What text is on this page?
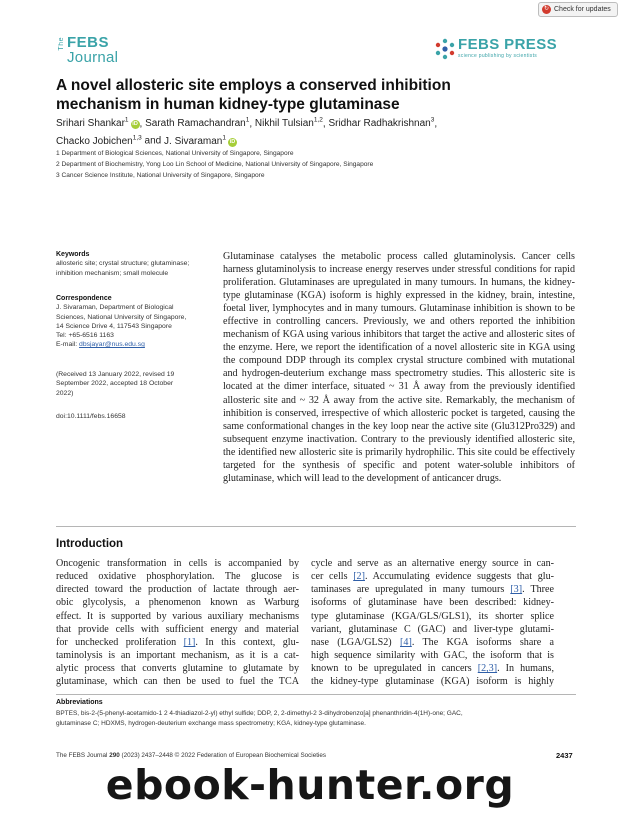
↻ Check for updates
The FEBS
Journal
FEBS PRESS
science publishing by scientists
A novel allosteric site employs a conserved inhibition
mechanism in human kidney-type glutaminase
Srihari Shankar$^1$iD , Sarath Ramachandran$^1$, Nikhil Tulsian$^{1,2}$, Sridhar Radhakrishnan$^3$,
Chacko Jobichen$^{1,3}$ and J. Sivaraman$^1$iD
1 Department of Biological Sciences, National University of Singapore, Singapore
2 Department of Biochemistry, Yong Loo Lin School of Medicine, National University of Singapore, Singapore
3 Cancer Science Institute, National University of Singapore, Singapore
Keywords
allosteric site; crystal structure; glutaminase;
inhibition mechanism; small molecule
Correspondence
J. Sivaraman, Department of Biological
Sciences, National University of Singapore,
14 Science Drive 4, 117543 Singapore
Tel: +65-6516 1163
E-mail: dbsjayar@nus.edu.sg
(Received 13 January 2022, revised 19
September 2022, accepted 18 October
2022)
doi:10.1111/febs.16658

Glutaminase catalyses the metabolic process called glutaminolysis. Cancer cells harness glutaminolysis to increase energy reserves under stressful conditions for rapid proliferation. Glutaminases are upregulated in many tumours. In humans, the kidney-type glutaminase (KGA) isoform is highly expressed in the kidney, brain, intestine, foetal liver, lymphocytes and in many tumours. Glutaminase inhibition is shown to be effective in controlling cancers. Previously, we and others reported the inhibition mechanism of KGA using various inhibitors that target the active and allosteric sites of the enzyme. Here, we report the identification of a novel allosteric site in KGA using the compound DDP through its complex crystal structure combined with mutational and hydrogen-deuterium exchange mass spectrometry studies. This allosteric site is located at the dimer interface, situated ~ 31 Å away from the previously identified allosteric site and ~ 32 Å away from the active site. Remarkably, the mechanism of inhibition is conserved, irrespective of which allosteric pocket is targeted, causing the same conformational changes in the key loop near the active site (Glu312Pro329) and subsequent enzyme inactivation. Contrary to the previously identified allosteric site, the identified new allosteric site is primarily hydrophilic. This site could be effectively targeted for the synthesis of specific and potent water-soluble inhibitors of glutaminase, which will lead to the development of anticancer drugs.

Introduction
Oncogenic transformation in cells is accompanied by
reduced oxidative phosphorylation. The glucose is
directed toward the production of lactate through aer-
obic glycolysis, a phenomenon known as Warburg
effect. It is supported by various auxiliary mechanisms
that provide cells with sufficient energy and material
for unchecked proliferation [1]. In this context, glu-
taminolysis is an important mechanism, as it is a cat-
alytic process that converts glutamine to glutamate by
glutaminase, which can then be used to fuel the TCA
cycle and serve as an alternative energy source in can-
cer cells [2]. Accumulating evidence suggests that glu-
taminases are upregulated in many tumours [3]. Three
isoforms of glutaminase have been described: kidney-
type glutaminase (KGA/GLS/GLS1), its shorter splice
variant, glutaminase C (GAC) and liver-type glutami-
nase (LGA/GLS2) [4]. The KGA isoforms share a
high sequence similarity with GAC, the isoform that is
known to be upregulated in cancers [2,3]. In humans,
the kidney-type glutaminase (KGA) isoform is highly
Abbreviations
BPTES, bis-2-(5-phenyl-acetamido-1 2 4-thiadiazol-2-yl) ethyl sulfide; DDP, 2, 2-dimethyl-2 3-dihydrobenzo[a] phenanthridin-4(1H)-one; GAC,
glutaminase C; HDXMS, hydrogen-deuterium exchange mass spectrometry; KGA, kidney-type glutaminase.
The FEBS Journal 290 (2023) 2437–2448 © 2022 Federation of European Biochemical Societies	2437
ebook-hunter.org
